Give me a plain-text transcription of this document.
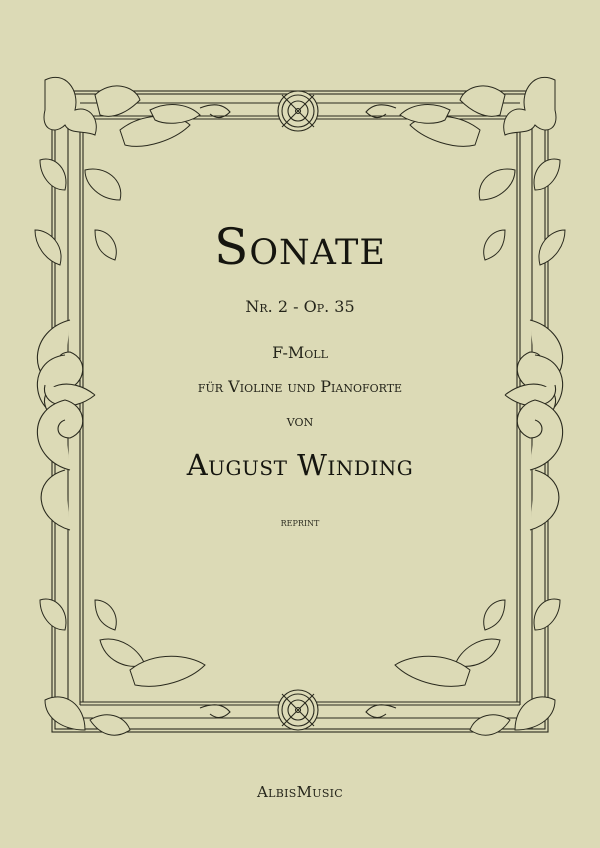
Sonate
Nr. 2 - Op. 35
F-Moll
für Violine und Pianoforte
von
August Winding
reprint
AlbisMusic
